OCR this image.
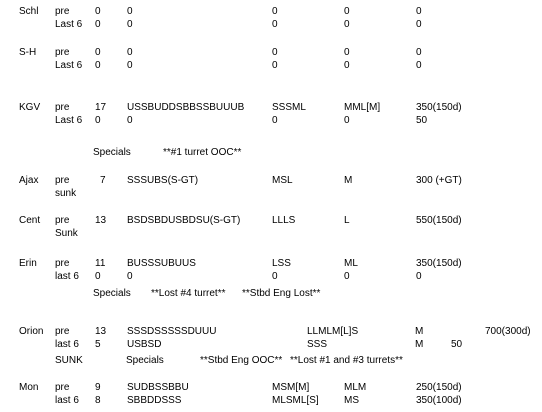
Schl pre	0	0	0	0	0
Last 6 0	0	0	0	0
S-H pre	0	0	0	0	0
Last 6 0	0	0	0	0
KGV pre	17 USSBUDDSBBSSBUUUB	SSSML	MML[M]	350(150d)
Last 6 0	0	0	0	50
Specials	**#1 turret OOC**
Ajax pre	7 SSSUBS(S-GT)	MSL	M	300 (+GT)
sunk
Cent pre	13 BSDSBDUSBDSU(S-GT)	LLLS	L	550(150d)
Sunk
Erin pre	11 BUSSSUBUUS	LSS	ML	350(150d)
last 6 0	0	0	0	0
Specials **Lost #4 turret** **Stbd Eng Lost**
Orion pre	13 SSSDSSSSSDUUU	LLMLM[L]S	M	700(300d)
last 6 5	USBSD	SSS	M	50
SUNK	Specials	**Stbd Eng OOC** **Lost #1 and #3 turrets**
Mon pre	9	SUDBSSBBU	MSM[M]	MLM	250(150d)
last 6 8	SBBDDSSS	MLSML[S]	MS	350(100d)
